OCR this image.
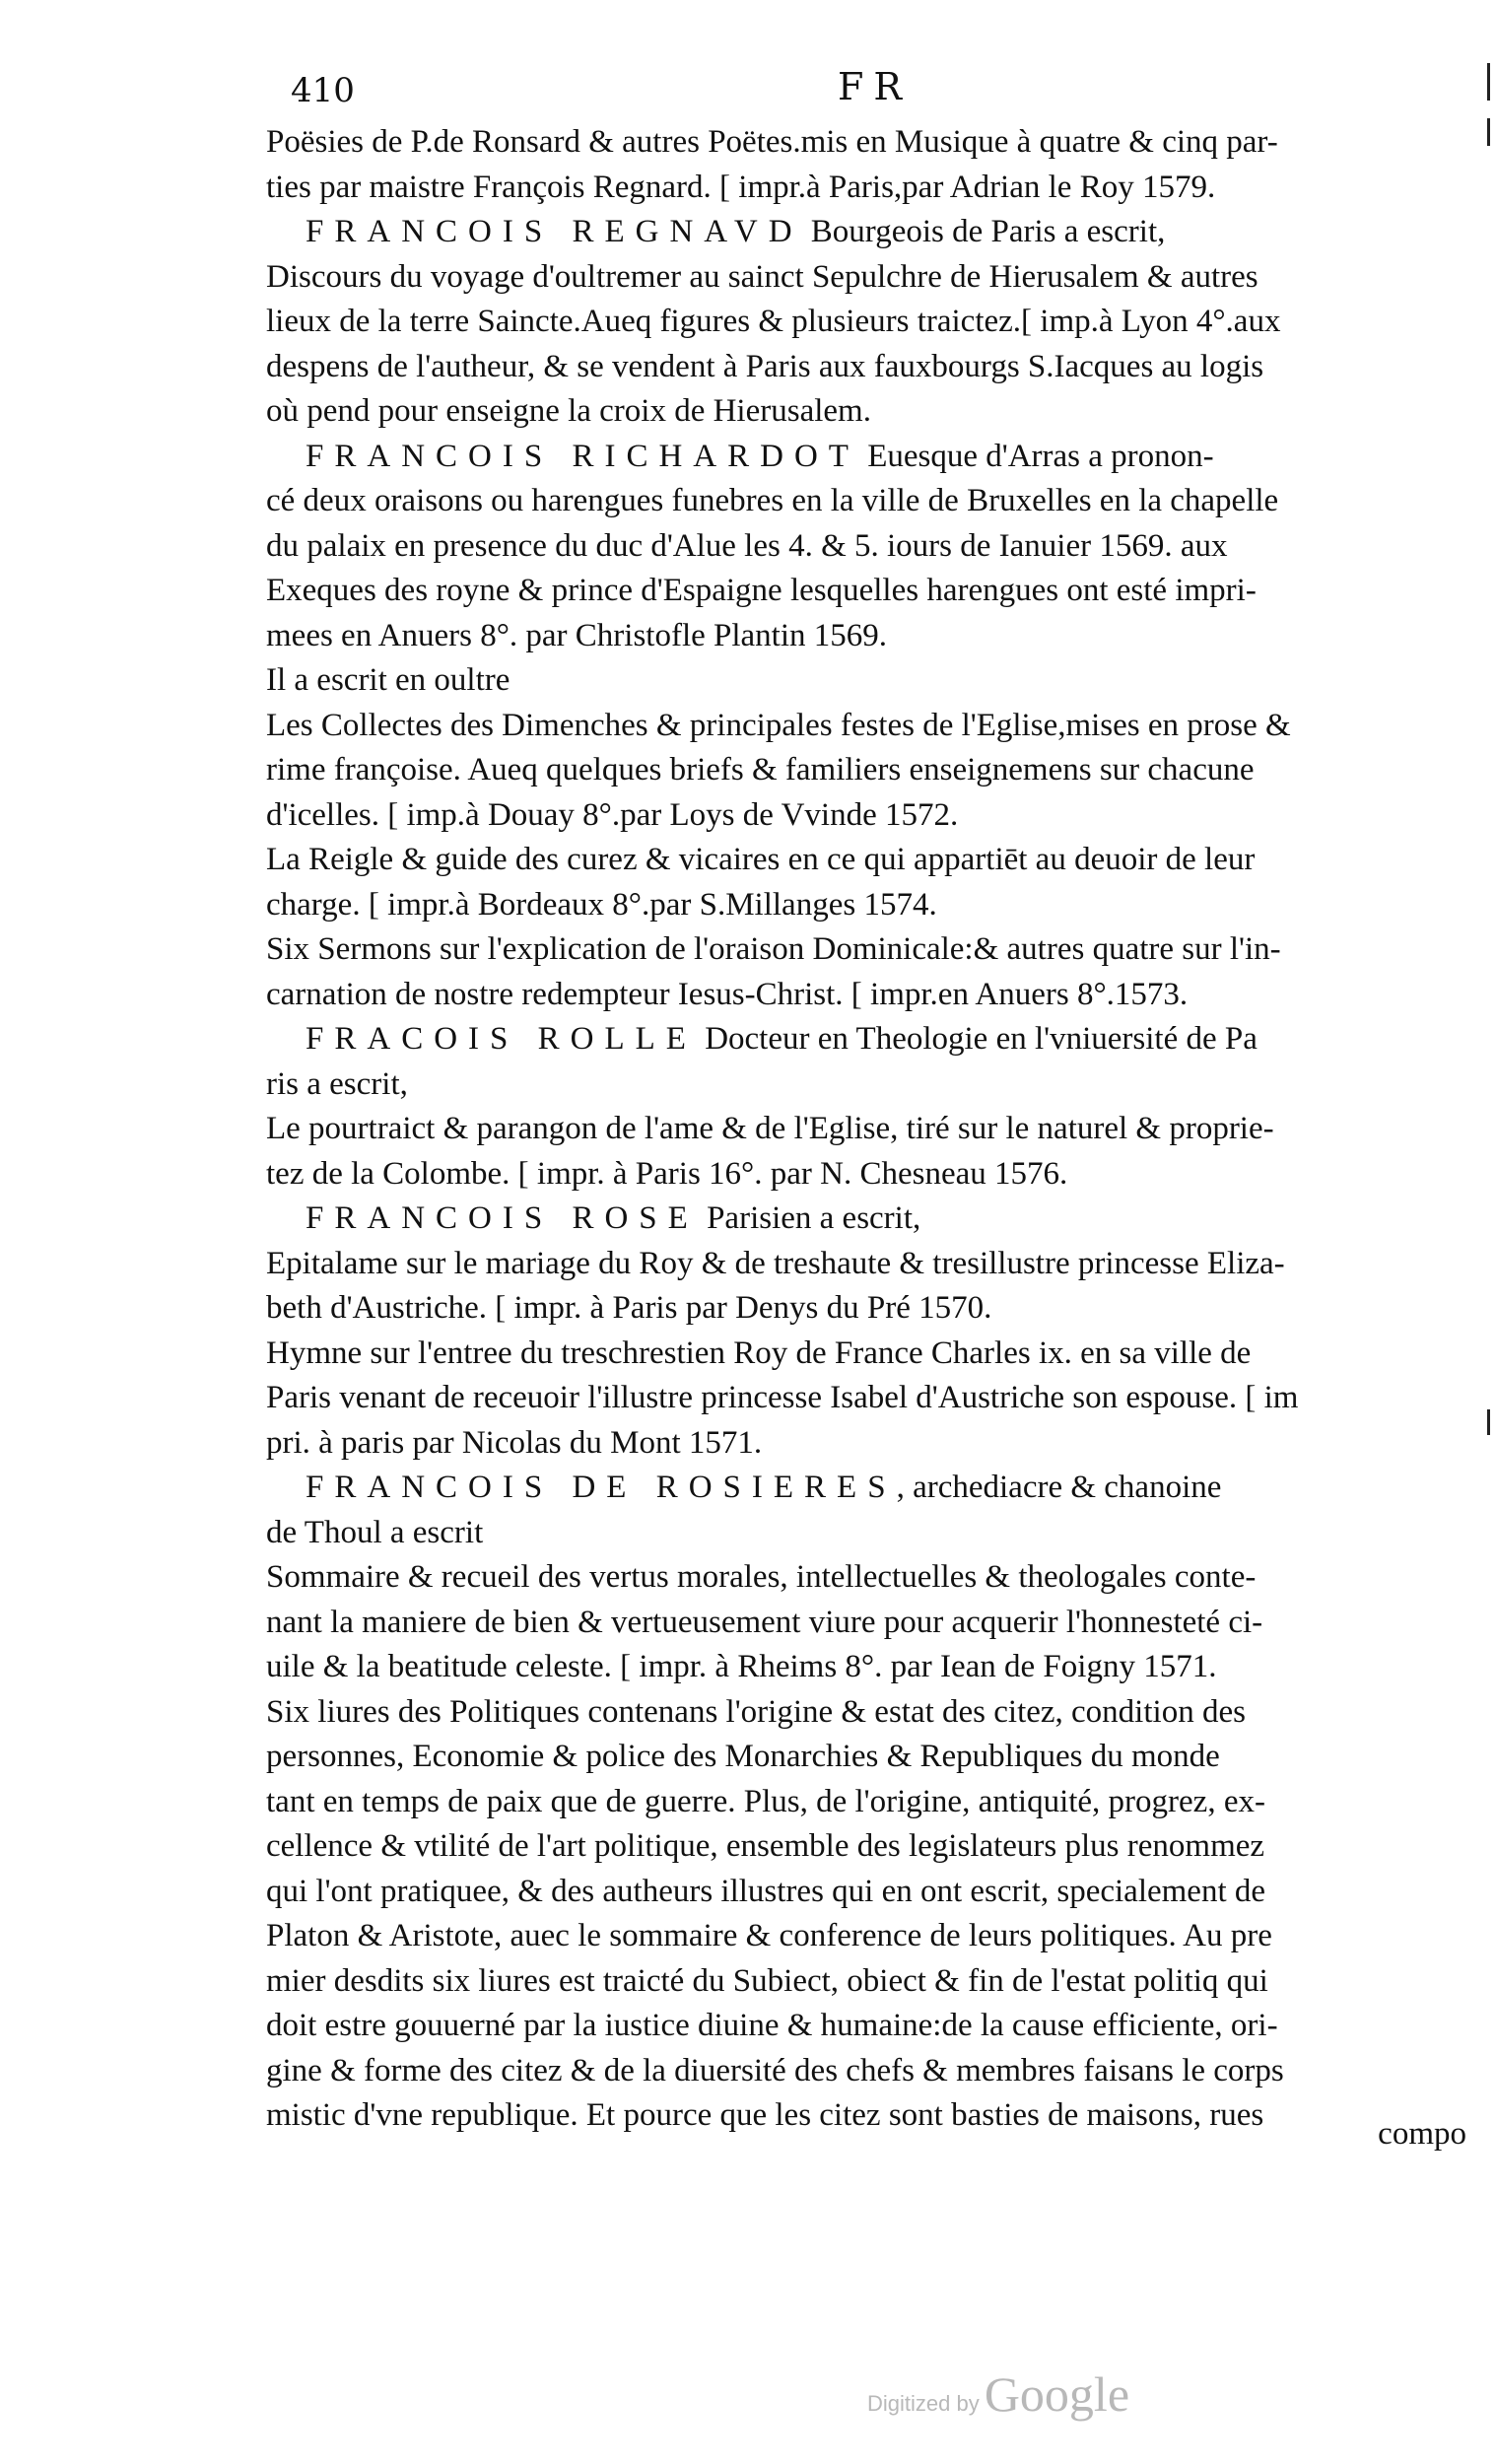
410	FR
Poësies de P.de Ronsard & autres Poëtes.mis en Musique à quatre & cinq par-
ties par maistre François Regnard. [ impr.à Paris,par Adrian le Roy 1579.
FRANCOIS REGNAVD Bourgeois de Paris a escrit,
Discours du voyage d'oultremer au sainct Sepulchre de Hierusalem & autres
lieux de la terre Saincte.Aueq figures & plusieurs traictez.[ imp.à Lyon 4°.aux
despens de l'autheur, & se vendent à Paris aux fauxbourgs S.Iacques au logis
où pend pour enseigne la croix de Hierusalem.
FRANCOIS RICHARDOT Euesque d'Arras a pronon-
cé deux oraisons ou harengues funebres en la ville de Bruxelles en la chapelle
du palaix en presence du duc d'Alue les 4. & 5. iours de Ianuier 1569. aux
Exeques des royne & prince d'Espaigne lesquelles harengues ont esté impri-
mees en Anuers 8°. par Christofle Plantin 1569.
Il a escrit en oultre
Les Collectes des Dimenches & principales festes de l'Eglise,mises en prose &
rime françoise. Aueq quelques briefs & familiers enseignemens sur chacune
d'icelles. [ imp.à Douay 8°.par Loys de Vvinde 1572.
La Reigle & guide des curez & vicaires en ce qui appartiēt au deuoir de leur
charge. [ impr.à Bordeaux 8°.par S.Millanges 1574.
Six Sermons sur l'explication de l'oraison Dominicale:& autres quatre sur l'in-
carnation de nostre redempteur Iesus-Christ. [ impr.en Anuers 8°.1573.
FRACOIS ROLLE Docteur en Theologie en l'vniuersité de Pa
ris a escrit,
Le pourtraict & parangon de l'ame & de l'Eglise, tiré sur le naturel & proprie-
tez de la Colombe. [ impr. à Paris 16°. par N. Chesneau 1576.
FRANCOIS ROSE Parisien a escrit,
Epitalame sur le mariage du Roy & de treshaute & tresillustre princesse Eliza-
beth d'Austriche. [ impr. à Paris par Denys du Pré 1570.
Hymne sur l'entree du treschrestien Roy de France Charles ix. en sa ville de
Paris venant de receuoir l'illustre princesse Isabel d'Austriche son espouse. [ im
pri. à paris par Nicolas du Mont 1571.
FRANCOIS DE ROSIERES, archediacre & chanoine
de Thoul a escrit
Sommaire & recueil des vertus morales, intellectuelles & theologales conte-
nant la maniere de bien & vertueusement viure pour acquerir l'honnesteté ci-
uile & la beatitude celeste. [ impr. à Rheims 8°. par Iean de Foigny 1571.
Six liures des Politiques contenans l'origine & estat des citez, condition des
personnes, Economie & police des Monarchies & Republiques du monde
tant en temps de paix que de guerre. Plus, de l'origine, antiquité, progrez, ex-
cellence & vtilité de l'art politique, ensemble des legislateurs plus renommez
qui l'ont pratiquee, & des autheurs illustres qui en ont escrit, specialement de
Platon & Aristote, auec le sommaire & conference de leurs politiques. Au pre
mier desdits six liures est traicté du Subiect, obiect & fin de l'estat politiq qui
doit estre gouuerné par la iustice diuine & humaine:de la cause efficiente, ori-
gine & forme des citez & de la diuersité des chefs & membres faisans le corps
mistic d'vne republique. Et pource que les citez sont basties de maisons, rues
compo
Digitized by Google
